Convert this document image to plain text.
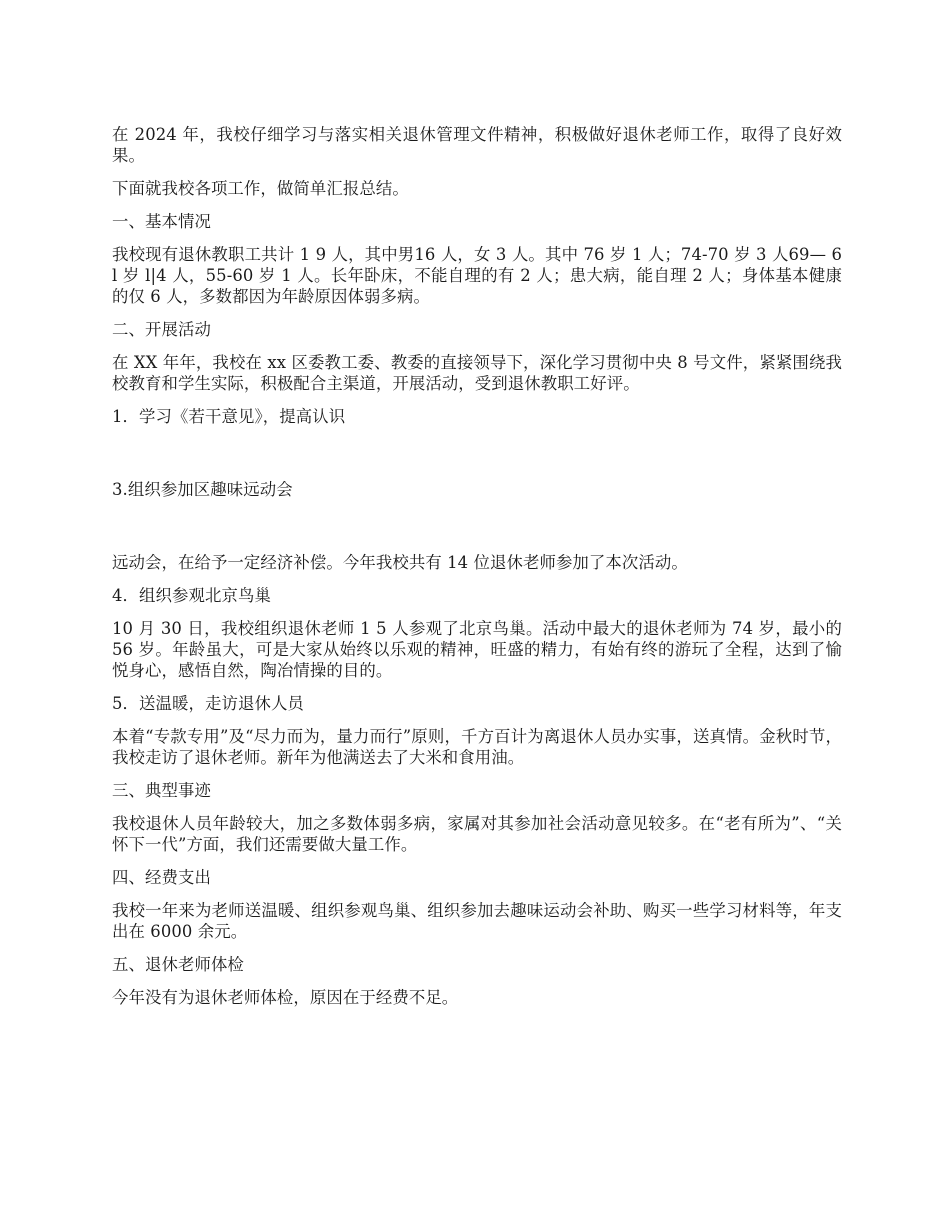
在 2024 年，我校仔细学习与落实相关退休管理文件精神，积极做好退休老师工作，取得了良好效果。

下面就我校各项工作，做简单汇报总结。

一、基本情况

我校现有退休教职工共计 1 9 人，其中男16 人，女 3 人。其中 76 岁 1 人；74-70 岁 3 人69— 6 l 岁 l|4 人，55-60 岁 1 人。长年卧床，不能自理的有 2 人；患大病，能自理 2 人；身体基本健康的仅 6 人，多数都因为年龄原因体弱多病。

二、开展活动

在 XX 年年，我校在 xx 区委教工委、教委的直接领导下，深化学习贯彻中央 8 号文件，紧紧围绕我校教育和学生实际，积极配合主渠道，开展活动，受到退休教职工好评。

1．学习《若干意见》，提高认识

3.组织参加区趣味远动会

远动会，在给予一定经济补偿。今年我校共有 14 位退休老师参加了本次活动。

4．组织参观北京鸟巢

10 月 30 日，我校组织退休老师 1 5 人参观了北京鸟巢。活动中最大的退休老师为 74 岁，最小的 56 岁。年龄虽大，可是大家从始终以乐观的精神，旺盛的精力，有始有终的游玩了全程，达到了愉悦身心，感悟自然，陶冶情操的目的。

5．送温暖，走访退休人员

本着“专款专用”及“尽力而为，量力而行”原则，千方百计为离退休人员办实事，送真情。金秋时节，我校走访了退休老师。新年为他满送去了大米和食用油。

三、典型事迹

我校退休人员年龄较大，加之多数体弱多病，家属对其参加社会活动意见较多。在“老有所为”、“关怀下一代”方面，我们还需要做大量工作。

四、经费支出

我校一年来为老师送温暖、组织参观鸟巢、组织参加去趣味运动会补助、购买一些学习材料等，年支出在 6000 余元。

五、退休老师体检

今年没有为退休老师体检，原因在于经费不足。
